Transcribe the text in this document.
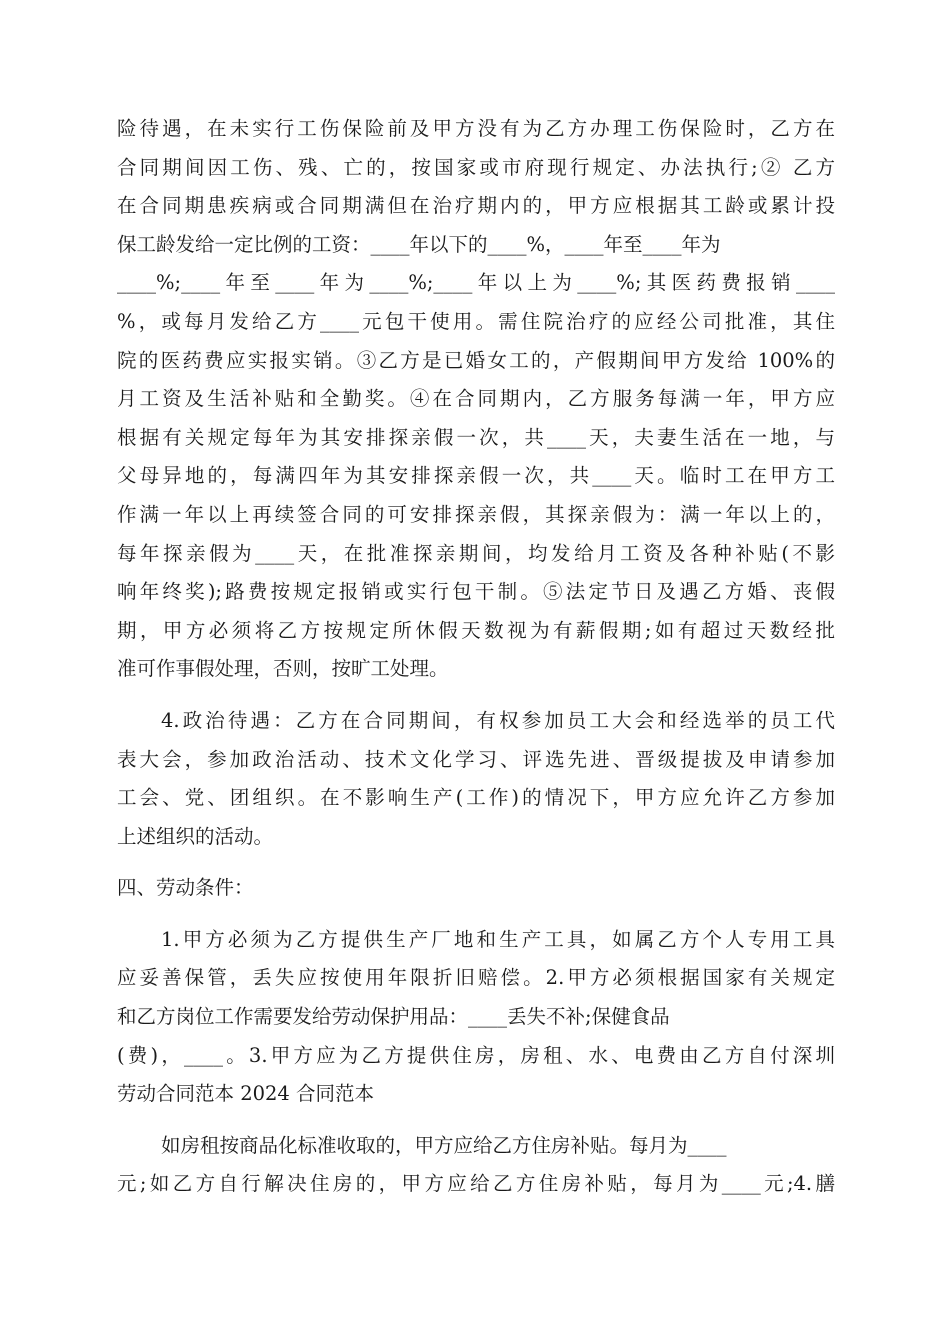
险待遇，在未实行工伤保险前及甲方没有为乙方办理工伤保险时，乙方在
合同期间因工伤、残、亡的，按国家或市府现行规定、办法执行;② 乙方
在合同期患疾病或合同期满但在治疗期内的，甲方应根据其工龄或累计投
保工龄发给一定比例的工资：____年以下的____%，____年至____年为
____%;____年至____年为____%;____年以上为____%;其医药费报销____
%，或每月发给乙方____元包干使用。需住院治疗的应经公司批准，其住
院的医药费应实报实销。③乙方是已婚女工的，产假期间甲方发给 100%的
月工资及生活补贴和全勤奖。④在合同期内，乙方服务每满一年，甲方应
根据有关规定每年为其安排探亲假一次，共____天，夫妻生活在一地，与
父母异地的，每满四年为其安排探亲假一次，共____天。临时工在甲方工
作满一年以上再续签合同的可安排探亲假，其探亲假为：满一年以上的，
每年探亲假为____天，在批准探亲期间，均发给月工资及各种补贴(不影
响年终奖);路费按规定报销或实行包干制。⑤法定节日及遇乙方婚、丧假
期，甲方必须将乙方按规定所休假天数视为有薪假期;如有超过天数经批
准可作事假处理，否则，按旷工处理。
4.政治待遇：乙方在合同期间，有权参加员工大会和经选举的员工代
表大会，参加政治活动、技术文化学习、评选先进、晋级提拔及申请参加
工会、党、团组织。在不影响生产(工作)的情况下，甲方应允许乙方参加
上述组织的活动。
四、劳动条件：
1.甲方必须为乙方提供生产厂地和生产工具，如属乙方个人专用工具
应妥善保管，丢失应按使用年限折旧赔偿。2.甲方必须根据国家有关规定
和乙方岗位工作需要发给劳动保护用品：____丢失不补;保健食品
(费)，____。3.甲方应为乙方提供住房，房租、水、电费由乙方自付深圳
劳动合同范本 2024 合同范本
如房租按商品化标准收取的，甲方应给乙方住房补贴。每月为____
元;如乙方自行解决住房的，甲方应给乙方住房补贴，每月为____元;4.膳
